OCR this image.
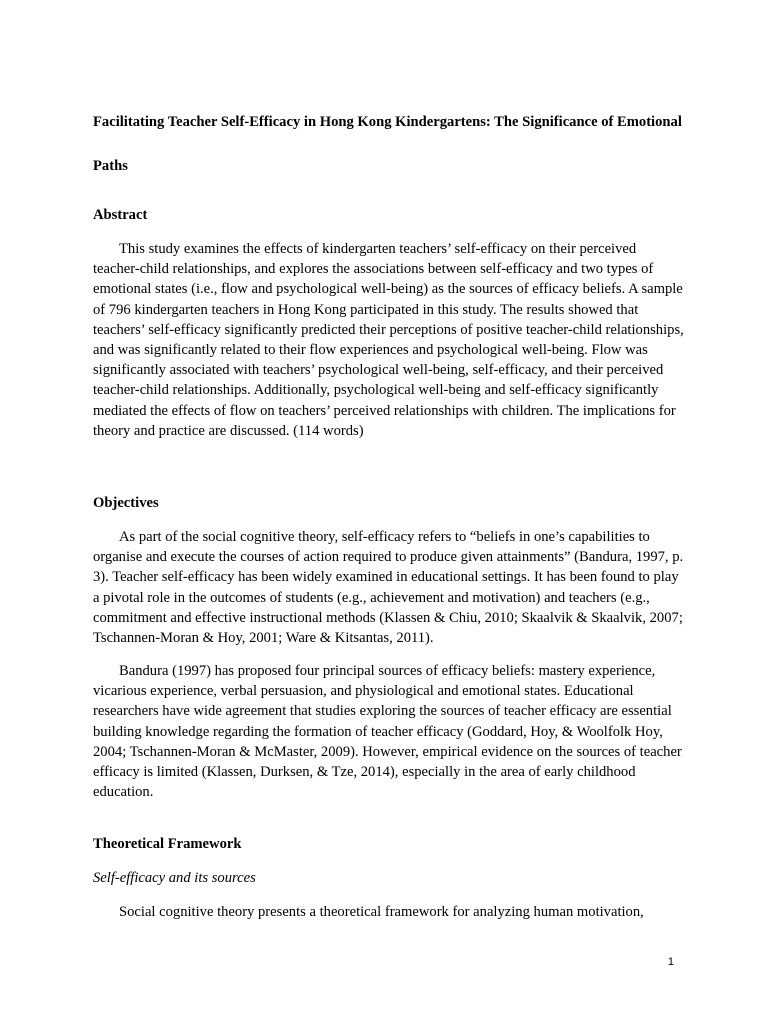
Facilitating Teacher Self-Efficacy in Hong Kong Kindergartens: The Significance of Emotional Paths
Abstract

This study examines the effects of kindergarten teachers’ self-efficacy on their perceived teacher-child relationships, and explores the associations between self-efficacy and two types of emotional states (i.e., flow and psychological well-being) as the sources of efficacy beliefs. A sample of 796 kindergarten teachers in Hong Kong participated in this study. The results showed that teachers’ self-efficacy significantly predicted their perceptions of positive teacher-child relationships, and was significantly related to their flow experiences and psychological well-being. Flow was significantly associated with teachers’ psychological well-being, self-efficacy, and their perceived teacher-child relationships. Additionally, psychological well-being and self-efficacy significantly mediated the effects of flow on teachers’ perceived relationships with children. The implications for theory and practice are discussed. (114 words)

Objectives

As part of the social cognitive theory, self-efficacy refers to “beliefs in one’s capabilities to organise and execute the courses of action required to produce given attainments” (Bandura, 1997, p. 3). Teacher self-efficacy has been widely examined in educational settings. It has been found to play a pivotal role in the outcomes of students (e.g., achievement and motivation) and teachers (e.g., commitment and effective instructional methods (Klassen & Chiu, 2010; Skaalvik & Skaalvik, 2007; Tschannen-Moran & Hoy, 2001; Ware & Kitsantas, 2011).

Bandura (1997) has proposed four principal sources of efficacy beliefs: mastery experience, vicarious experience, verbal persuasion, and physiological and emotional states. Educational researchers have wide agreement that studies exploring the sources of teacher efficacy are essential building knowledge regarding the formation of teacher efficacy (Goddard, Hoy, & Woolfolk Hoy, 2004; Tschannen-Moran & McMaster, 2009). However, empirical evidence on the sources of teacher efficacy is limited (Klassen, Durksen, & Tze, 2014), especially in the area of early childhood education.

Theoretical Framework
Self-efficacy and its sources

Social cognitive theory presents a theoretical framework for analyzing human motivation,

1
